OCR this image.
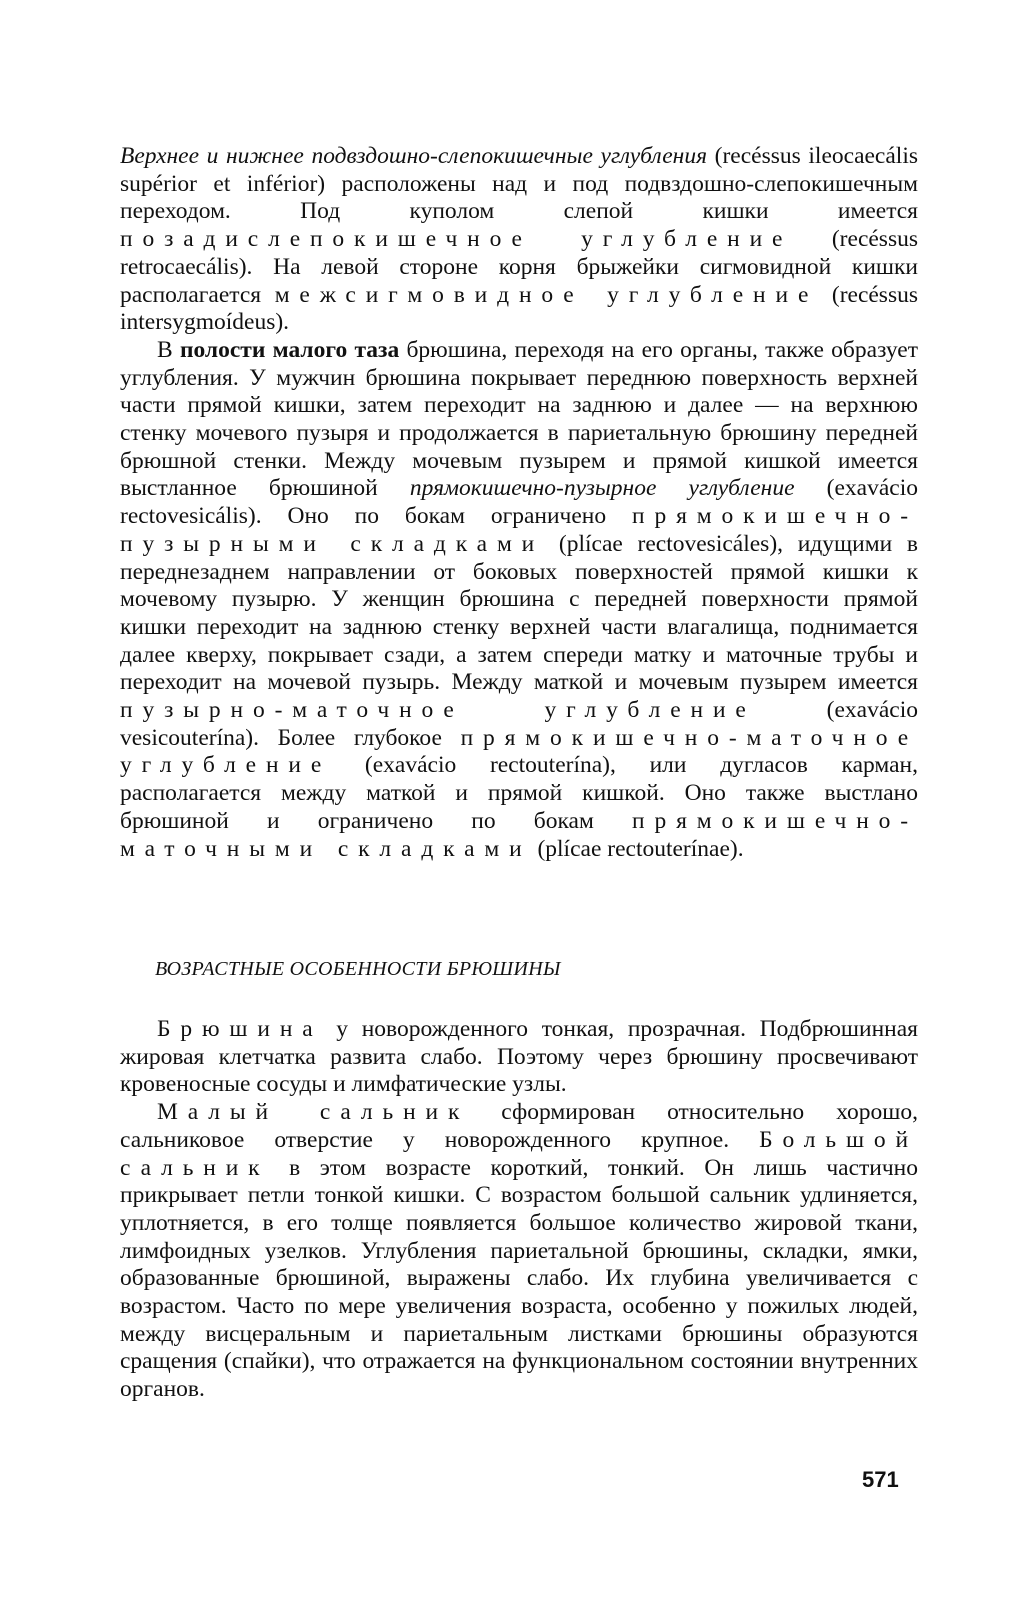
Верхнее и нижнее подвздошно-слепокишечные углубления (recéssus ileocaecális supérior et inférior) расположены над и под подвздошно-слепокишечным переходом. Под куполом слепой кишки имеется позадислепокишечное углубление (recéssus retrocaecális). На левой стороне корня брыжейки сигмовидной кишки располагается межсигмовидное углубление (recéssus intersygmoídeus).

В полости малого таза брюшина, переходя на его органы, также образует углубления. У мужчин брюшина покрывает переднюю поверхность верхней части прямой кишки, затем переходит на заднюю и далее — на верхнюю стенку мочевого пузыря и продолжается в париетальную брюшину передней брюшной стенки. Между мочевым пузырем и прямой кишкой имеется выстланное брюшиной прямокишечно-пузырное углубление (exavácio rectovesicális). Оно по бокам ограничено прямокишечно-пузырными складками (plícae rectovesicáles), идущими в переднезаднем направлении от боковых поверхностей прямой кишки к мочевому пузырю. У женщин брюшина с передней поверхности прямой кишки переходит на заднюю стенку верхней части влагалища, поднимается далее кверху, покрывает сзади, а затем спереди матку и маточные трубы и переходит на мочевой пузырь. Между маткой и мочевым пузырем имеется пузырно-маточное углубление (exavácio vesicouterína). Более глубокое прямокишечно-маточное углубление (exavácio rectouterína), или дугласов карман, располагается между маткой и прямой кишкой. Оно также выстлано брюшиной и ограничено по бокам прямокишечно-маточными складками (plícae rectouterínae).

ВОЗРАСТНЫЕ ОСОБЕННОСТИ БРЮШИНЫ

Брюшина у новорожденного тонкая, прозрачная. Подбрюшинная жировая клетчатка развита слабо. Поэтому через брюшину просвечивают кровеносные сосуды и лимфатические узлы.

Малый сальник сформирован относительно хорошо, сальниковое отверстие у новорожденного крупное. Большой сальник в этом возрасте короткий, тонкий. Он лишь частично прикрывает петли тонкой кишки. С возрастом большой сальник удлиняется, уплотняется, в его толще появляется большое количество жировой ткани, лимфоидных узелков. Углубления париетальной брюшины, складки, ямки, образованные брюшиной, выражены слабо. Их глубина увеличивается с возрастом. Часто по мере увеличения возраста, особенно у пожилых людей, между висцеральным и париетальным листками брюшины образуются сращения (спайки), что отражается на функциональном состоянии внутренних органов.

571
